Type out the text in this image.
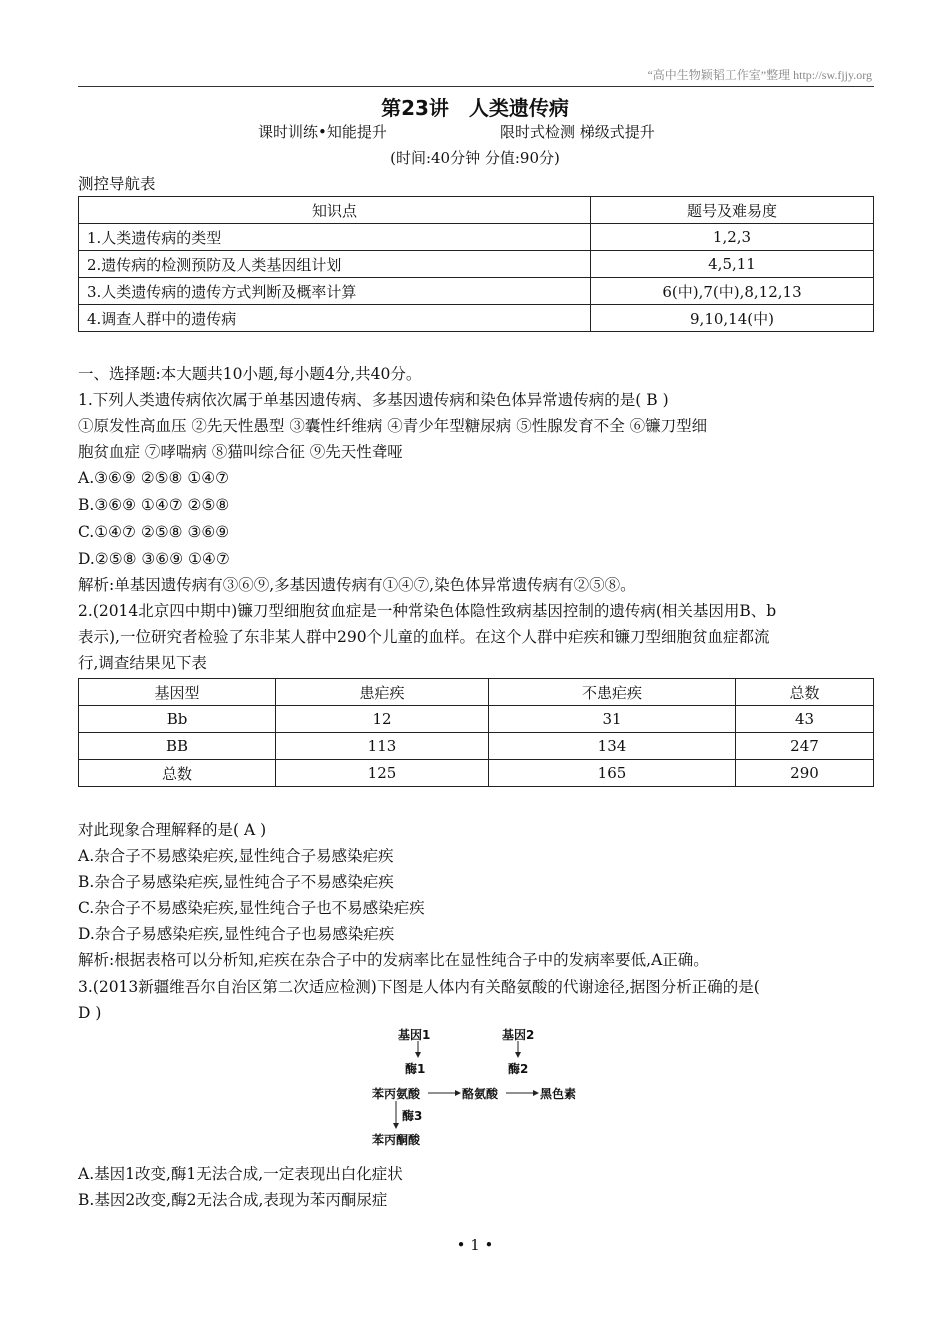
“高中生物颖韬工作室”整理 http://sw.fjjy.org
第23讲 人类遗传病
课时训练•知能提升	限时式检测 梯级式提升
(时间:40分钟 分值:90分)
测控导航表
知识点	题号及难易度
1.人类遗传病的类型	1,2,3
2.遗传病的检测预防及人类基因组计划	4,5,11
3.人类遗传病的遗传方式判断及概率计算	6(中),7(中),8,12,13
4.调查人群中的遗传病	9,10,14(中)
一、选择题:本大题共10小题,每小题4分,共40分。
1.下列人类遗传病依次属于单基因遗传病、多基因遗传病和染色体异常遗传病的是( B )
①原发性高血压 ②先天性愚型 ③囊性纤维病 ④青少年型糖尿病 ⑤性腺发育不全 ⑥镰刀型细
胞贫血症 ⑦哮喘病 ⑧猫叫综合征 ⑨先天性聋哑
A.③⑥⑨ ②⑤⑧ ①④⑦
B.③⑥⑨ ①④⑦ ②⑤⑧
C.①④⑦ ②⑤⑧ ③⑥⑨
D.②⑤⑧ ③⑥⑨ ①④⑦
解析:单基因遗传病有③⑥⑨,多基因遗传病有①④⑦,染色体异常遗传病有②⑤⑧。
2.(2014北京四中期中)镰刀型细胞贫血症是一种常染色体隐性致病基因控制的遗传病(相关基因用B、b
表示),一位研究者检验了东非某人群中290个儿童的血样。在这个人群中疟疾和镰刀型细胞贫血症都流
行,调查结果见下表
基因型	患疟疾	不患疟疾	总数
Bb	12	31	43
BB	113	134	247
总数	125	165	290
对此现象合理解释的是( A )
A.杂合子不易感染疟疾,显性纯合子易感染疟疾
B.杂合子易感染疟疾,显性纯合子不易感染疟疾
C.杂合子不易感染疟疾,显性纯合子也不易感染疟疾
D.杂合子易感染疟疾,显性纯合子也易感染疟疾
解析:根据表格可以分析知,疟疾在杂合子中的发病率比在显性纯合子中的发病率要低,A正确。
3.(2013新疆维吾尔自治区第二次适应检测)下图是人体内有关酪氨酸的代谢途径,据图分析正确的是(
D )
基因1	基因2
酶1	酶2
苯丙氨酸	酪氨酸	黑色素
酶3
苯丙酮酸
A.基因1改变,酶1无法合成,一定表现出白化症状
B.基因2改变,酶2无法合成,表现为苯丙酮尿症
• 1 •
